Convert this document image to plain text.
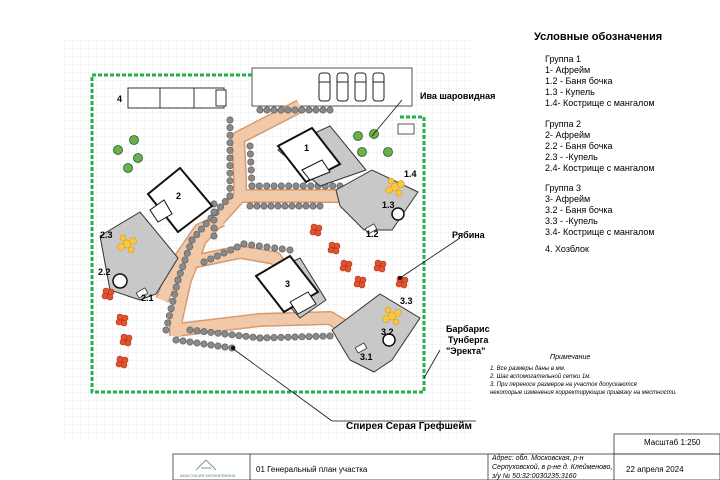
1
2
3
4
1.2
1.3
1.4
2.1
2.2
2.3
3.1
3.2
3.3
Ива шаровидная
Рябина
Барбарис
Тунберга
"Эректа"
Спирея Серая Грефшейм
Условные обозначения
Группа 1
1- Афрейм
1.2 - Баня бочка
1.3 - Купель
1.4- Кострище с мангалом
Группа 2
2- Афрейм
2.2 - Баня бочка
2.3 - -Купель
2.4- Кострище с мангалом
Группа 3
3- Афрейм
3.2 - Баня бочка
3.3 - -Купель
3.4- Кострище с мангалом
4. Хозблок
Примечание
1. Все размеры даны в мм.
2. Шаг вспомогательной сетки 1м.
3. При переносе размеров на участок допускаются
некоторые изменения корректирующие привязку на местности.
Масштаб 1:250
АНАСТАСИЯ КАПИНЕЙКИНА
01 Генеральный план участка
Адрес: обл. Московская, р-н
Серпуховской, в р-не д. Клейменово,
з/у № 50:32:0030235:3160
22 апреля 2024
